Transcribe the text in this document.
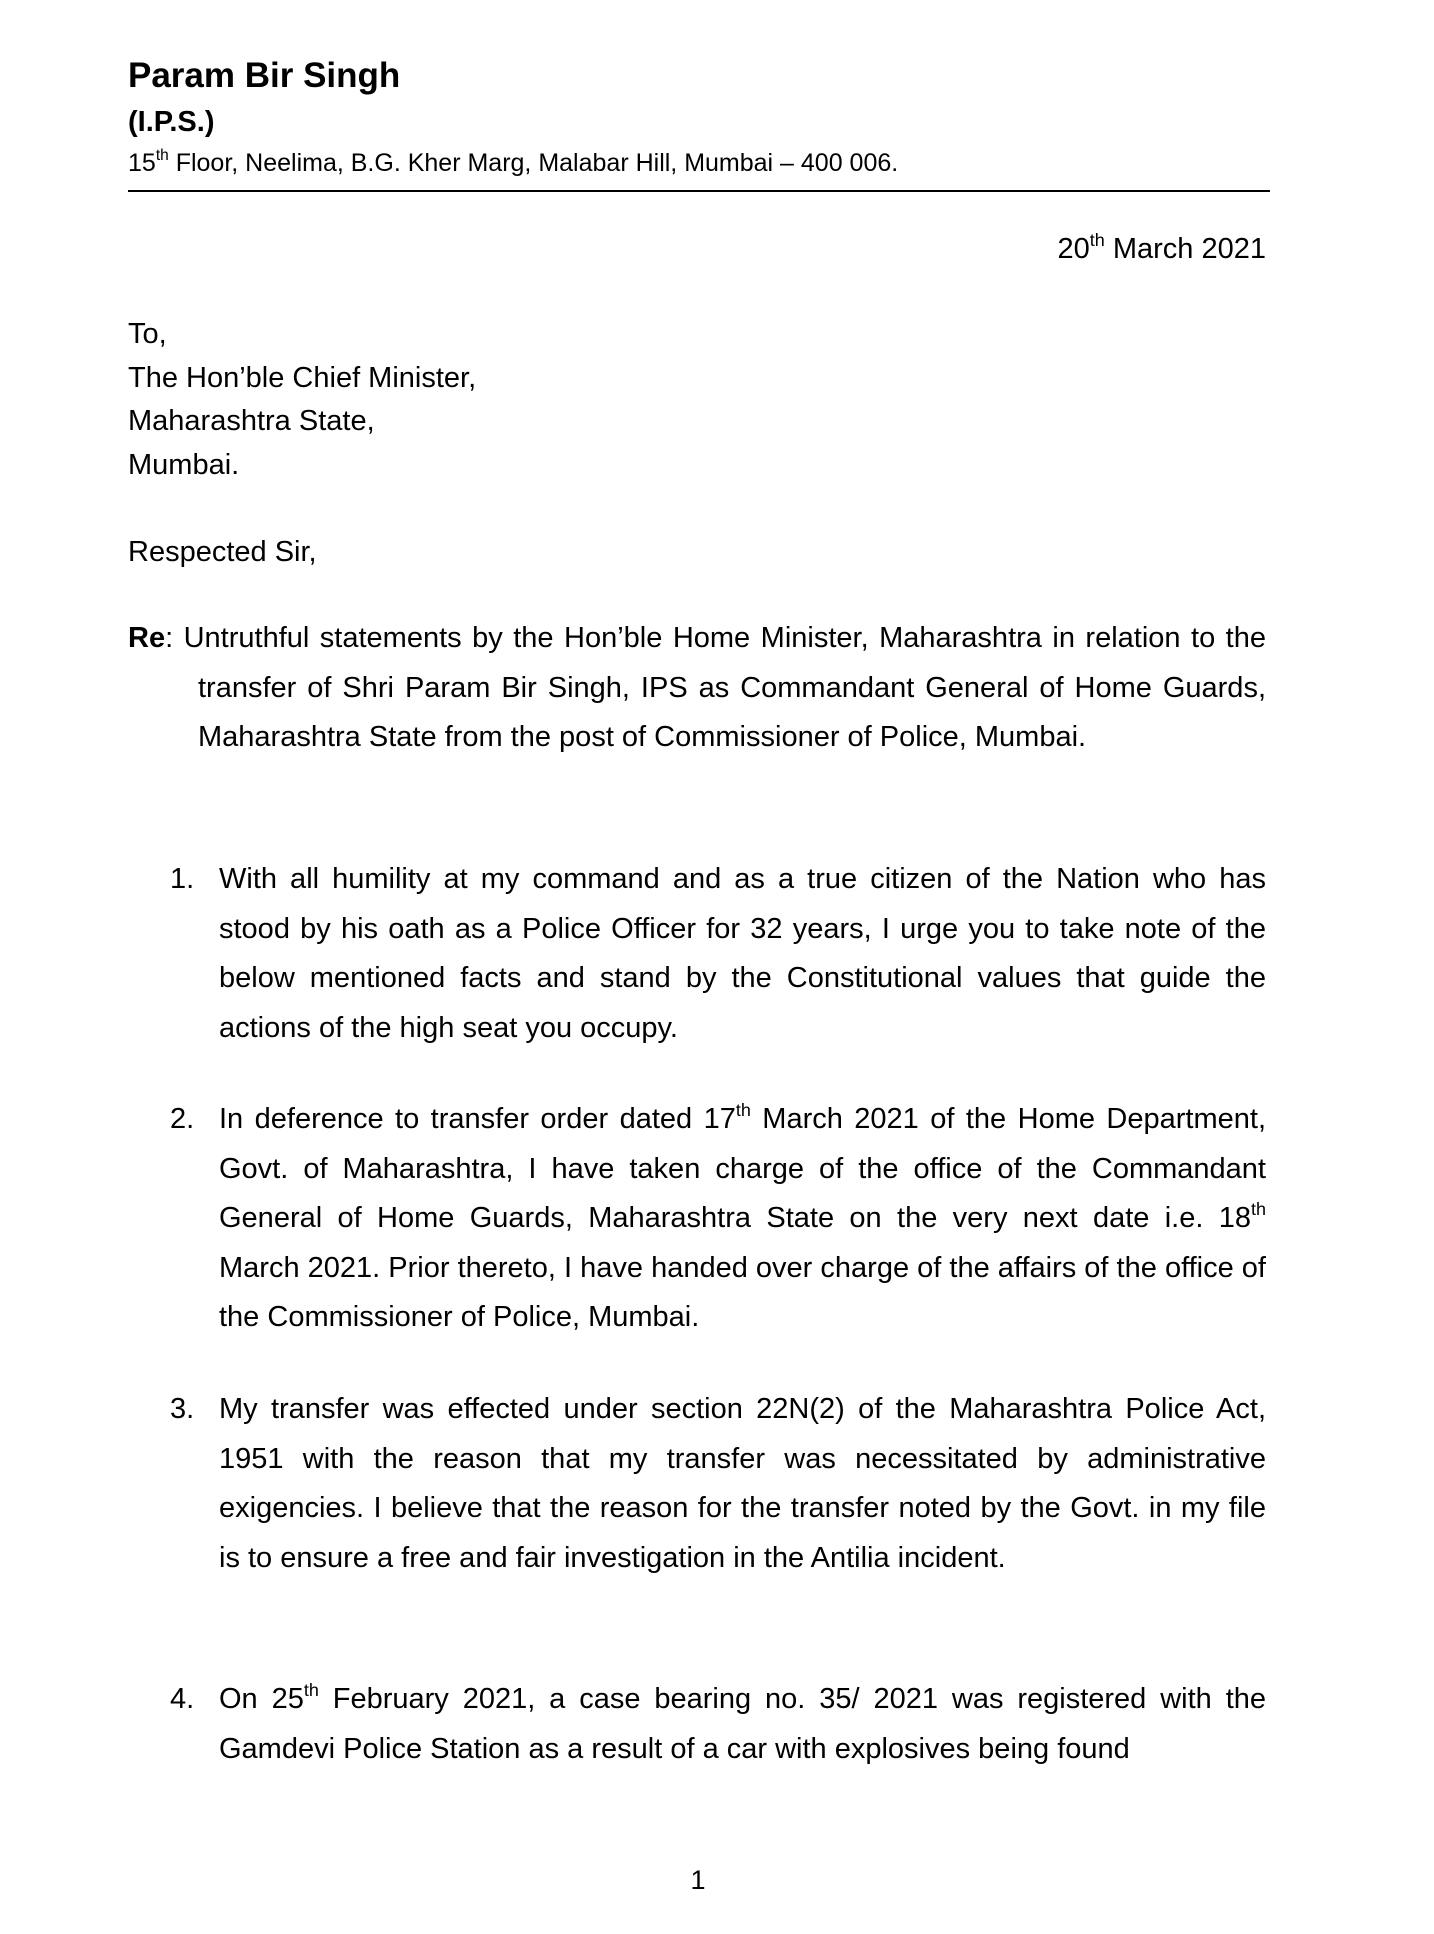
Param Bir Singh

(I.P.S.)

15th Floor, Neelima, B.G. Kher Marg, Malabar Hill, Mumbai – 400 006.

20th March 2021
To,
The Hon’ble Chief Minister,
Maharashtra State,
Mumbai.
Respected Sir,
Re: Untruthful statements by the Hon’ble Home Minister, Maharashtra in relation to the transfer of Shri Param Bir Singh, IPS as Commandant General of Home Guards, Maharashtra State from the post of Commissioner of Police, Mumbai.
1. With all humility at my command and as a true citizen of the Nation who has stood by his oath as a Police Officer for 32 years, I urge you to take note of the below mentioned facts and stand by the Constitutional values that guide the actions of the high seat you occupy.
2. In deference to transfer order dated 17th March 2021 of the Home Department, Govt. of Maharashtra, I have taken charge of the office of the Commandant General of Home Guards, Maharashtra State on the very next date i.e. 18th March 2021. Prior thereto, I have handed over charge of the affairs of the office of the Commissioner of Police, Mumbai.
3. My transfer was effected under section 22N(2) of the Maharashtra Police Act, 1951 with the reason that my transfer was necessitated by administrative exigencies. I believe that the reason for the transfer noted by the Govt. in my file is to ensure a free and fair investigation in the Antilia incident.
4. On 25th February 2021, a case bearing no. 35/ 2021 was registered with the Gamdevi Police Station as a result of a car with explosives being found
1
